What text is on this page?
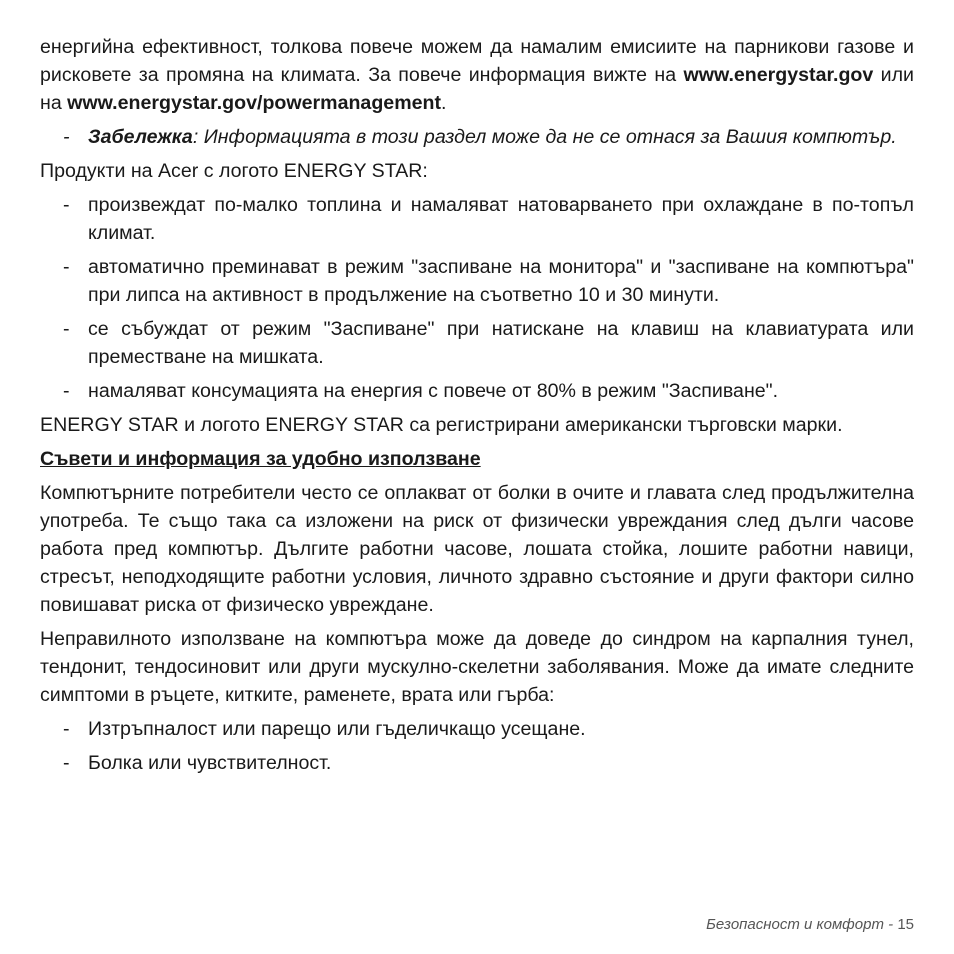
енергийна ефективност, толкова повече можем да намалим емисиите на парникови газове и рисковете за промяна на климата. За повече информация вижте на www.energystar.gov или на www.energystar.gov/powermanagement.

- Забележка: Информацията в този раздел може да не се отнася за Вашия компютър.

Продукти на Acer с логото ENERGY STAR:

- произвеждат по-малко топлина и намаляват натоварването при охлаждане в по-топъл климат.
- автоматично преминават в режим "заспиване на монитора" и "заспиване на компютъра" при липса на активност в продължение на съответно 10 и 30 минути.
- се събуждат от режим "Заспиване" при натискане на клавиш на клавиатурата или преместване на мишката.
- намаляват консумацията на енергия с повече от 80% в режим "Заспиване".

ENERGY STAR и логото ENERGY STAR са регистрирани американски търговски марки.

Съвети и информация за удобно използване

Компютърните потребители често се оплакват от болки в очите и главата след продължителна употреба. Те също така са изложени на риск от физически увреждания след дълги часове работа пред компютър. Дългите работни часове, лошата стойка, лошите работни навици, стресът, неподходящите работни условия, личното здравно състояние и други фактори силно повишават риска от физическо увреждане.

Неправилното използване на компютъра може да доведе до синдром на карпалния тунел, тендонит, тендосиновит или други мускулно-скелетни заболявания. Може да имате следните симптоми в ръцете, китките, раменете, врата или гърба:

- Изтръпналост или парещо или гъделичкащо усещане.
- Болка или чувствителност.
Безопасност и комфорт - 15
